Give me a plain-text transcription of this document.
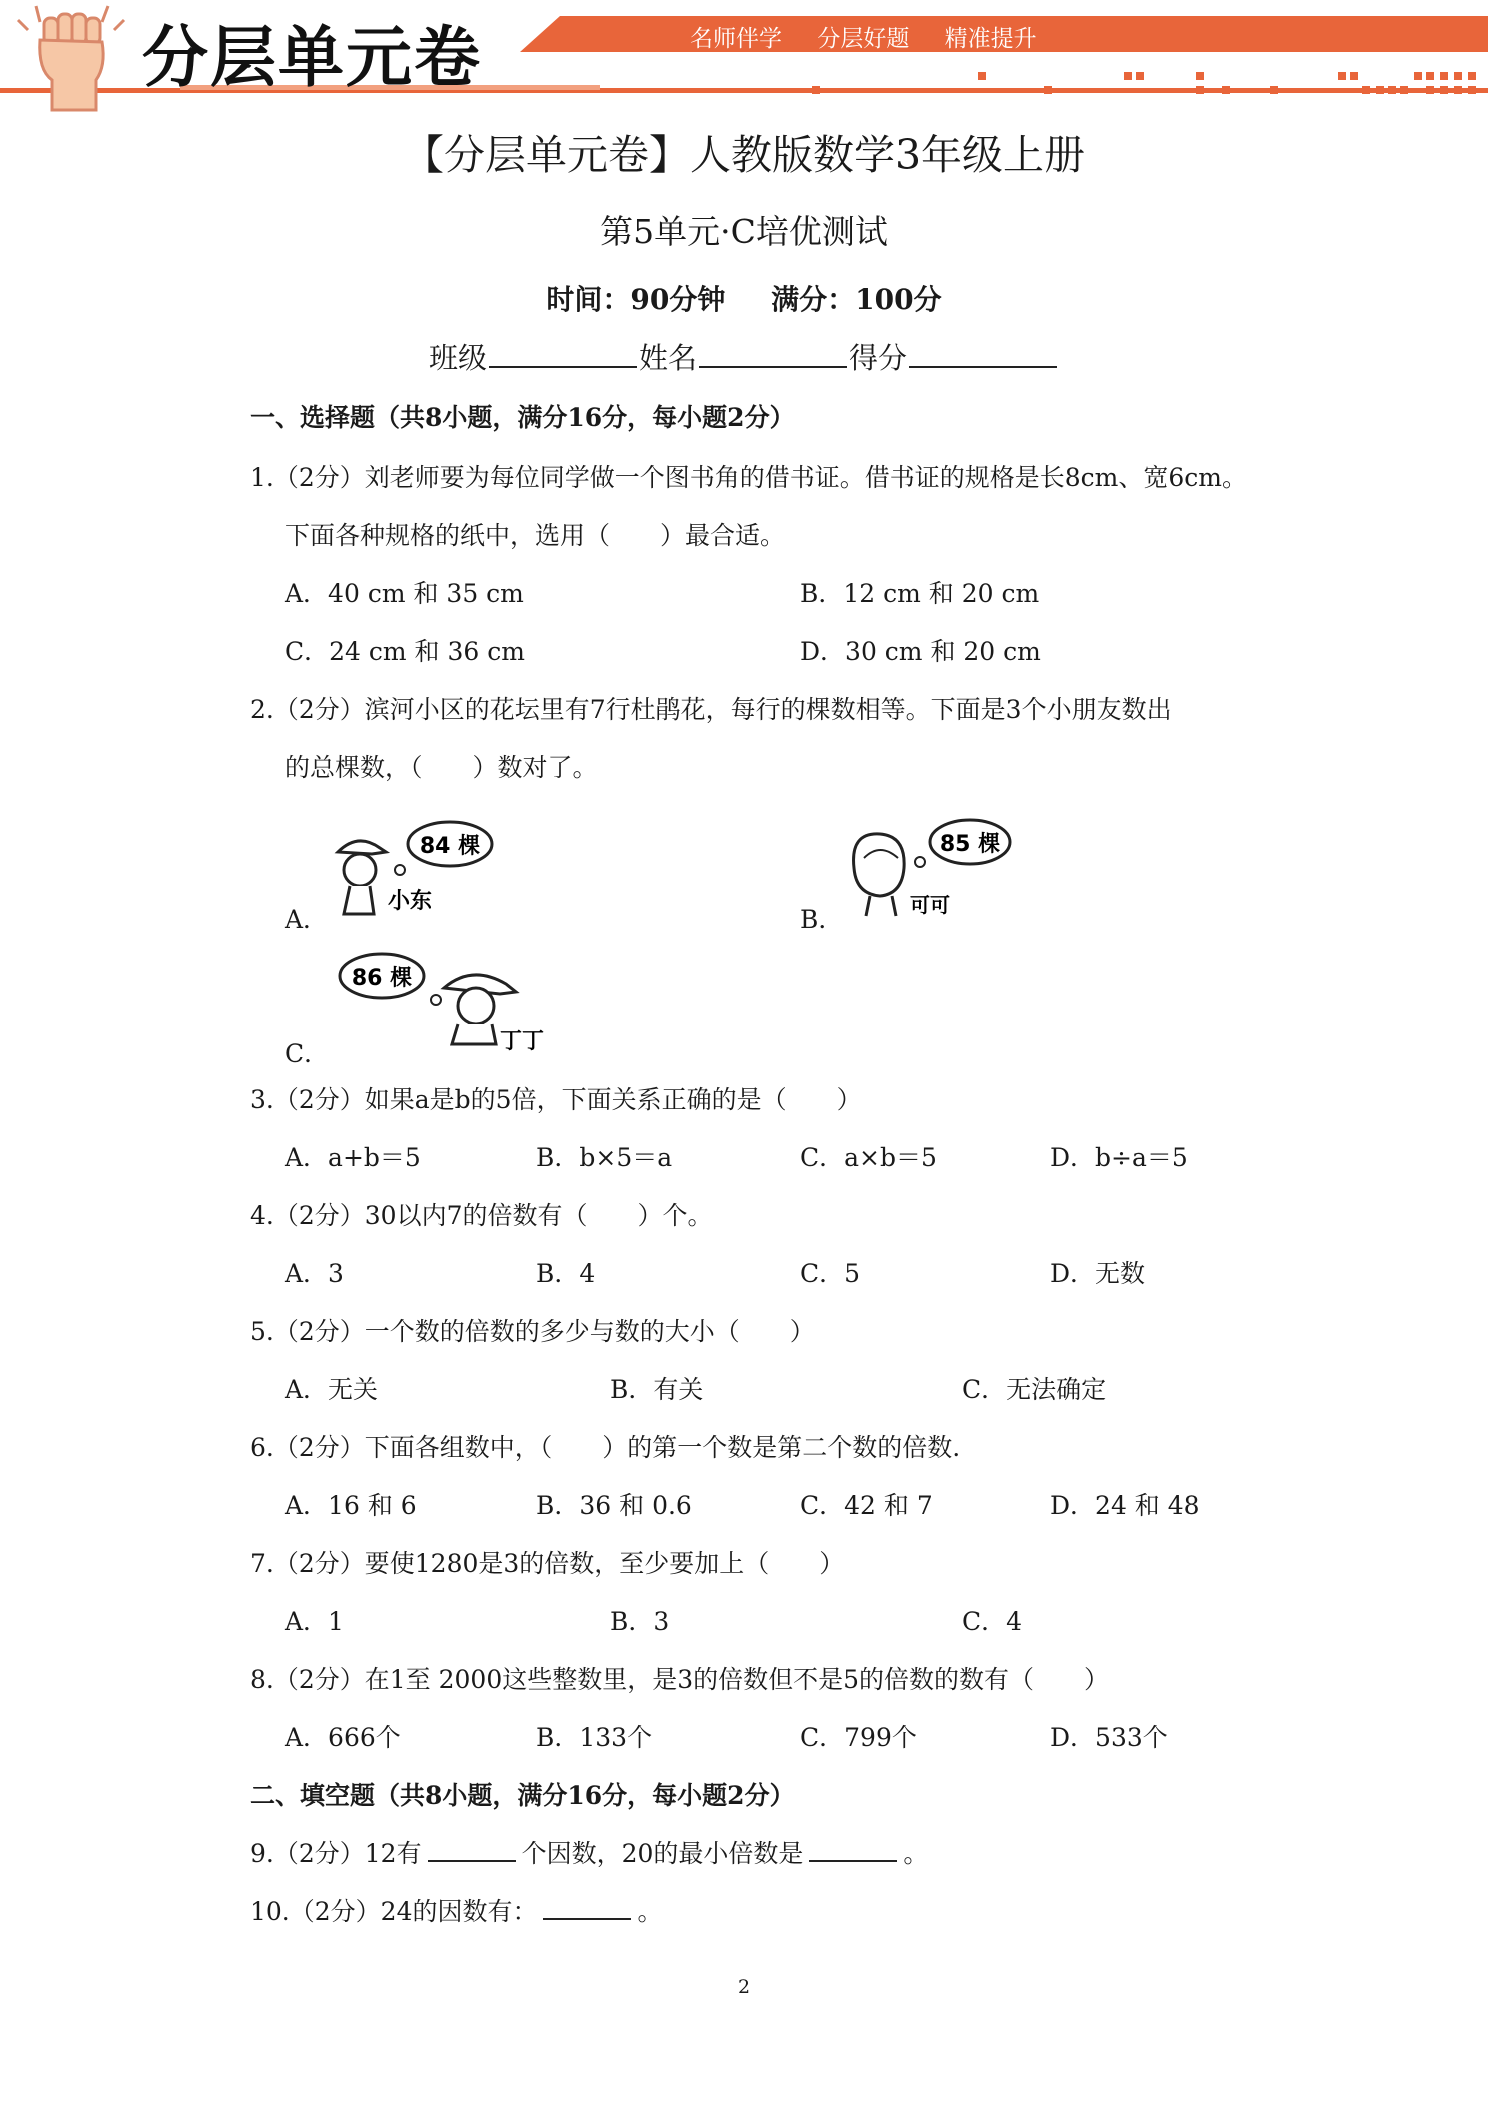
分层单元卷	名师伴学 分层好题 精准提升
【分层单元卷】人教版数学3年级上册
第5单元·C培优测试
时间：90分钟 满分：100分
班级	姓名	得分
一、选择题（共8小题，满分16分，每小题2分）
1.（2分）刘老师要为每位同学做一个图书角的借书证。借书证的规格是长8cm、宽6cm。
下面各种规格的纸中，选用（　　）最合适。
A．40 cm 和 35 cm	B．12 cm 和 20 cm
C．24 cm 和 36 cm	D．30 cm 和 20 cm
2.（2分）滨河小区的花坛里有7行杜鹃花，每行的棵数相等。下面是3个小朋友数出
的总棵数，（　　）数对了。
A．
84 棵
小东
B．
85 棵
可可
C．
86 棵
丁丁
3.（2分）如果a是b的5倍，下面关系正确的是（　　）
A．a+b＝5	B．b×5＝a	C．a×b＝5	D．b÷a＝5
4.（2分）30以内7的倍数有（　　）个。
A．3	B．4	C．5	D．无数
5.（2分）一个数的倍数的多少与数的大小（　　）
A．无关	B．有关	C．无法确定
6.（2分）下面各组数中，（　　）的第一个数是第二个数的倍数.
A．16 和 6	B．36 和 0.6	C．42 和 7	D．24 和 48
7.（2分）要使1280是3的倍数，至少要加上（　　）
A．1	B．3	C．4
8.（2分）在1至 2000这些整数里，是3的倍数但不是5的倍数的数有（　　）
A．666个	B．133个	C．799个	D．533个
二、填空题（共8小题，满分16分，每小题2分）
9.（2分）12有	个因数，20的最小倍数是	。
10.（2分）24的因数有：	。
2
